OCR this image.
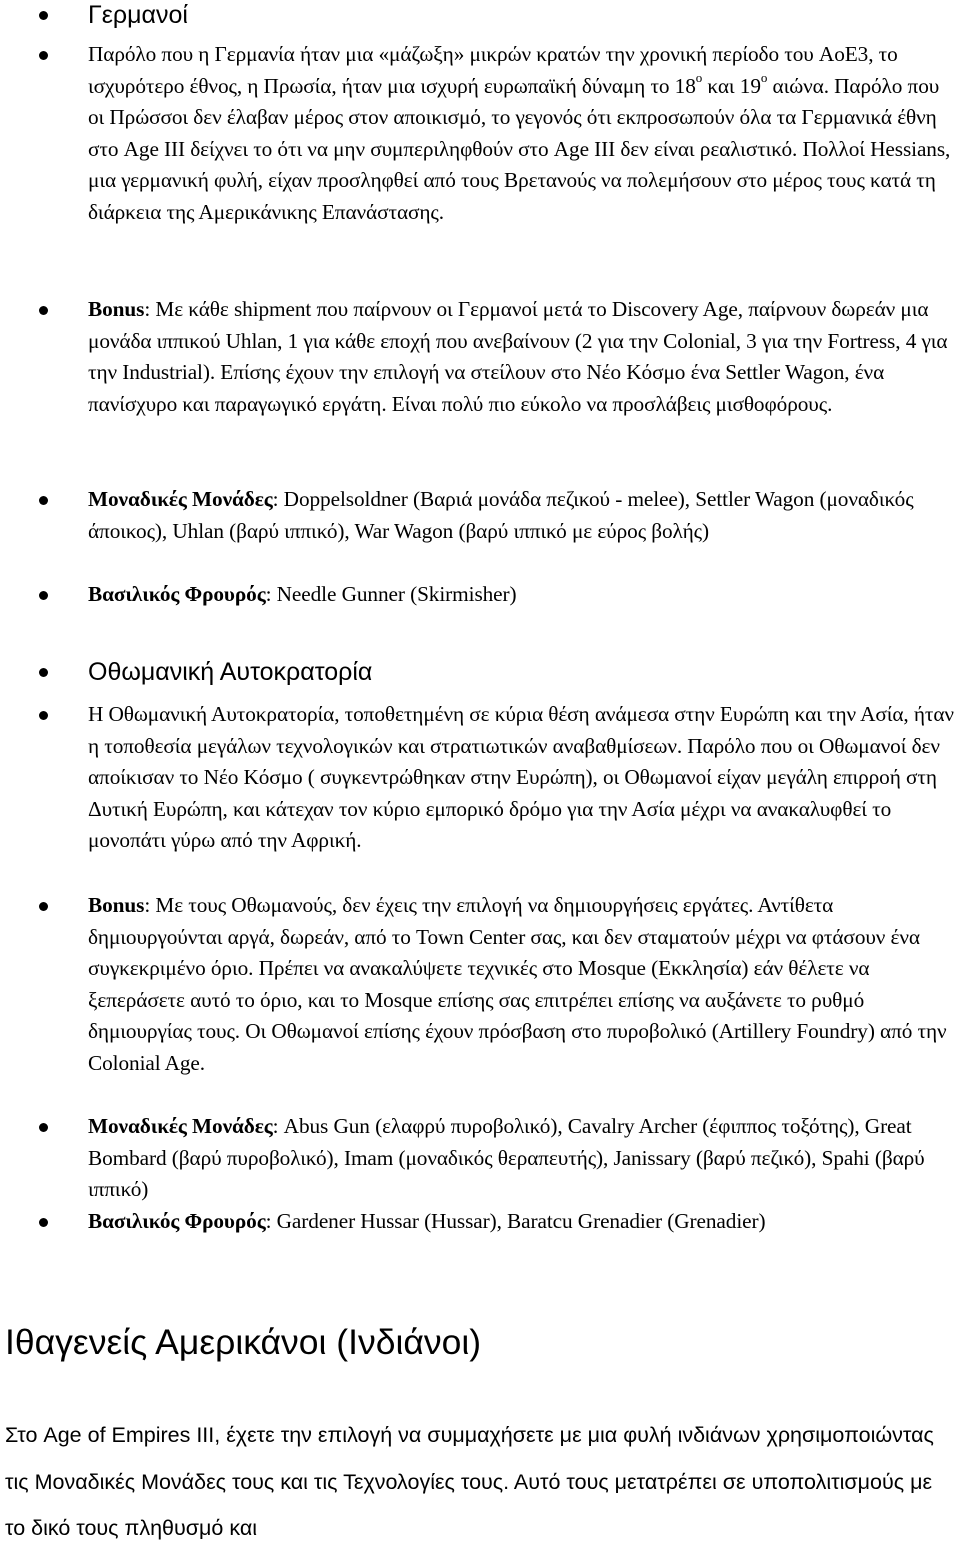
Γερμανοί
Παρόλο που η Γερμανία ήταν μια «μάζωξη» μικρών κρατών την χρονική περίοδο του AoE3, το ισχυρότερο έθνος, η Πρωσία, ήταν μια ισχυρή ευρωπαϊκή δύναμη το $18^o$ και $19^o$ αιώνα. Παρόλο που οι Πρώσσοι δεν έλαβαν μέρος στον αποικισμό, το γεγονός ότι εκπροσωπούν όλα τα Γερμανικά έθνη στο Age III δείχνει το ότι να μην συμπεριληφθούν στο Age III δεν είναι ρεαλιστικό. Πολλοί Hessians, μια γερμανική φυλή, είχαν προσληφθεί από τους Βρετανούς να πολεμήσουν στο μέρος τους κατά τη διάρκεια της Αμερικάνικης Επανάστασης.
Bonus: Με κάθε shipment που παίρνουν οι Γερμανοί μετά το Discovery Age, παίρνουν δωρεάν μια μονάδα ιππικού Uhlan, 1 για κάθε εποχή που ανεβαίνουν (2 για την Colonial, 3 για την Fortress, 4 για την Industrial). Επίσης έχουν την επιλογή να στείλουν στο Νέο Κόσμο ένα Settler Wagon, ένα πανίσχυρο και παραγωγικό εργάτη. Είναι πολύ πιο εύκολο να προσλάβεις μισθοφόρους.
Μοναδικές Μονάδες: Doppelsoldner (Βαριά μονάδα πεζικού - melee), Settler Wagon (μοναδικός άποικος), Uhlan (βαρύ ιππικό), War Wagon (βαρύ ιππικό με εύρος βολής)
Βασιλικός Φρουρός: Needle Gunner (Skirmisher)
Οθωμανική Αυτοκρατορία
Η Οθωμανική Αυτοκρατορία, τοποθετημένη σε κύρια θέση ανάμεσα στην Ευρώπη και την Ασία, ήταν η τοποθεσία μεγάλων τεχνολογικών και στρατιωτικών αναβαθμίσεων. Παρόλο που οι Οθωμανοί δεν αποίκισαν το Νέο Κόσμο ( συγκεντρώθηκαν στην Ευρώπη), οι Οθωμανοί είχαν μεγάλη επιρροή στη Δυτική Ευρώπη, και κάτεχαν τον κύριο εμπορικό δρόμο για την Ασία μέχρι να ανακαλυφθεί το μονοπάτι γύρω από την Αφρική.
Bonus: Με τους Οθωμανούς, δεν έχεις την επιλογή να δημιουργήσεις εργάτες. Αντίθετα δημιουργούνται αργά, δωρεάν, από το Town Center σας, και δεν σταματούν μέχρι να φτάσουν ένα συγκεκριμένο όριο. Πρέπει να ανακαλύψετε τεχνικές στο Mosque (Εκκλησία) εάν θέλετε να ξεπεράσετε αυτό το όριο, και το Mosque επίσης σας επιτρέπει επίσης να αυξάνετε το ρυθμό δημιουργίας τους. Οι Οθωμανοί επίσης έχουν πρόσβαση στο πυροβολικό (Artillery Foundry) από την Colonial Age.
Μοναδικές Μονάδες: Abus Gun (ελαφρύ πυροβολικό), Cavalry Archer (έφιππος τοξότης), Great Bombard (βαρύ πυροβολικό), Imam (μοναδικός θεραπευτής), Janissary (βαρύ πεζικό), Spahi (βαρύ ιππικό)
Βασιλικός Φρουρός: Gardener Hussar (Hussar), Baratcu Grenadier (Grenadier)
Ιθαγενείς Αμερικάνοι (Ινδιάνοι)

Στο Age of Empires III, έχετε την επιλογή να συμμαχήσετε με μια φυλή ινδιάνων χρησιμοποιώντας τις Μοναδικές Μονάδες τους και τις Τεχνολογίες τους. Αυτό τους μετατρέπει σε υποπολιτισμούς με το δικό τους πληθυσμό και
